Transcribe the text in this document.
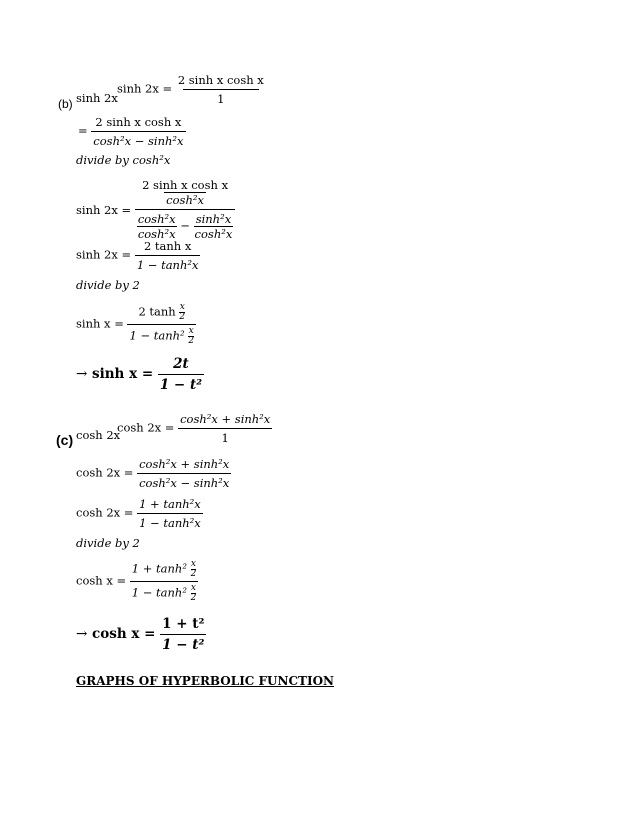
(b) sinh 2x
$\sinh 2x = \frac{\text{2 sinh x cosh x}}{1}$
= $\frac{\text{2 sinh x cosh x}}{\text{cosh²x − sinh²x}}$
divide by cosh²x
sinh 2x =
$\frac{\text{2 sinh x cosh x}}{\text{cosh²x}}$
$\frac{\text{cosh²x}}{\text{cosh²x}} - \frac{\text{sinh²x}}{\text{cosh²x}}$
$\sinh 2x = \frac{\text{2 tanh x}}{\text{1 − tanh²x}}$
divide by 2
$\sinh x = \frac{2 \tanh \frac{x}{2}}{1 - \tanh^2 \frac{x}{2}}$
→ $\sinh x = \frac{2t}{\text{1 − t²}}$
(c) cosh 2x
$\cosh 2x = \frac{\text{cosh²x + sinh²x}}{1}$
$\cosh 2x = \frac{\text{cosh²x + sinh²x}}{\text{cosh²x − sinh²x}}$
$\cosh 2x = \frac{\text{1 + tanh²x}}{\text{1 − tanh²x}}$
divide by 2
$\cosh x = \frac{1 + \tanh^2 \frac{x}{2}}{1 - \tanh^2 \frac{x}{2}}$
→ $\cosh x = \frac{\text{1 + t²}}{\text{1 − t²}}$
GRAPHS OF HYPERBOLIC FUNCTION
